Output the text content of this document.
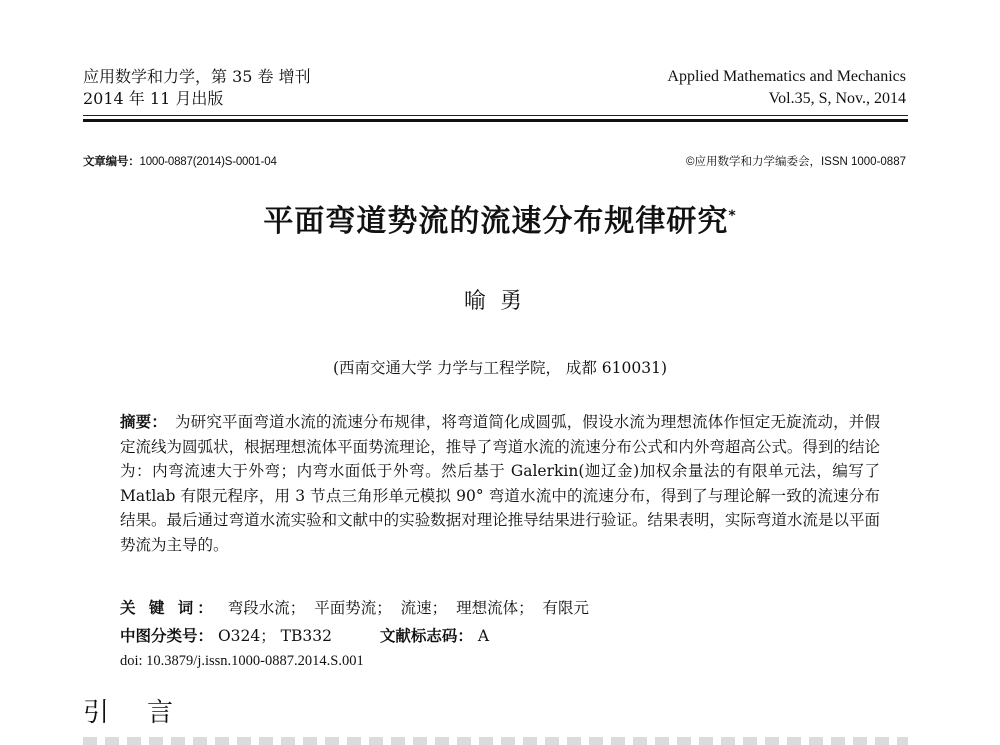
应用数学和力学，第 35 卷 增刊
2014 年 11 月出版
Applied Mathematics and Mechanics
Vol.35, S, Nov., 2014
文章编号：1000-0887(2014)S-0001-04	©应用数学和力学编委会，ISSN 1000-0887
平面弯道势流的流速分布规律研究*
喻勇
(西南交通大学 力学与工程学院， 成都 610031)
摘要： 为研究平面弯道水流的流速分布规律，将弯道简化成圆弧，假设水流为理想流体作恒定无旋流动，并假定流线为圆弧状，根据理想流体平面势流理论，推导了弯道水流的流速分布公式和内外弯超高公式。得到的结论为：内弯流速大于外弯；内弯水面低于外弯。然后基于 Galerkin(迦辽金)加权余量法的有限单元法，编写了 Matlab 有限元程序，用 3 节点三角形单元模拟 90° 弯道水流中的流速分布，得到了与理论解一致的流速分布结果。最后通过弯道水流实验和文献中的实验数据对理论推导结果进行验证。结果表明，实际弯道水流是以平面势流为主导的。
关 键 词： 弯段水流； 平面势流； 流速； 理想流体； 有限元
中图分类号： O324； TB332	文献标志码： A
doi: 10.3879/j.issn.1000-0887.2014.S.001
引言
